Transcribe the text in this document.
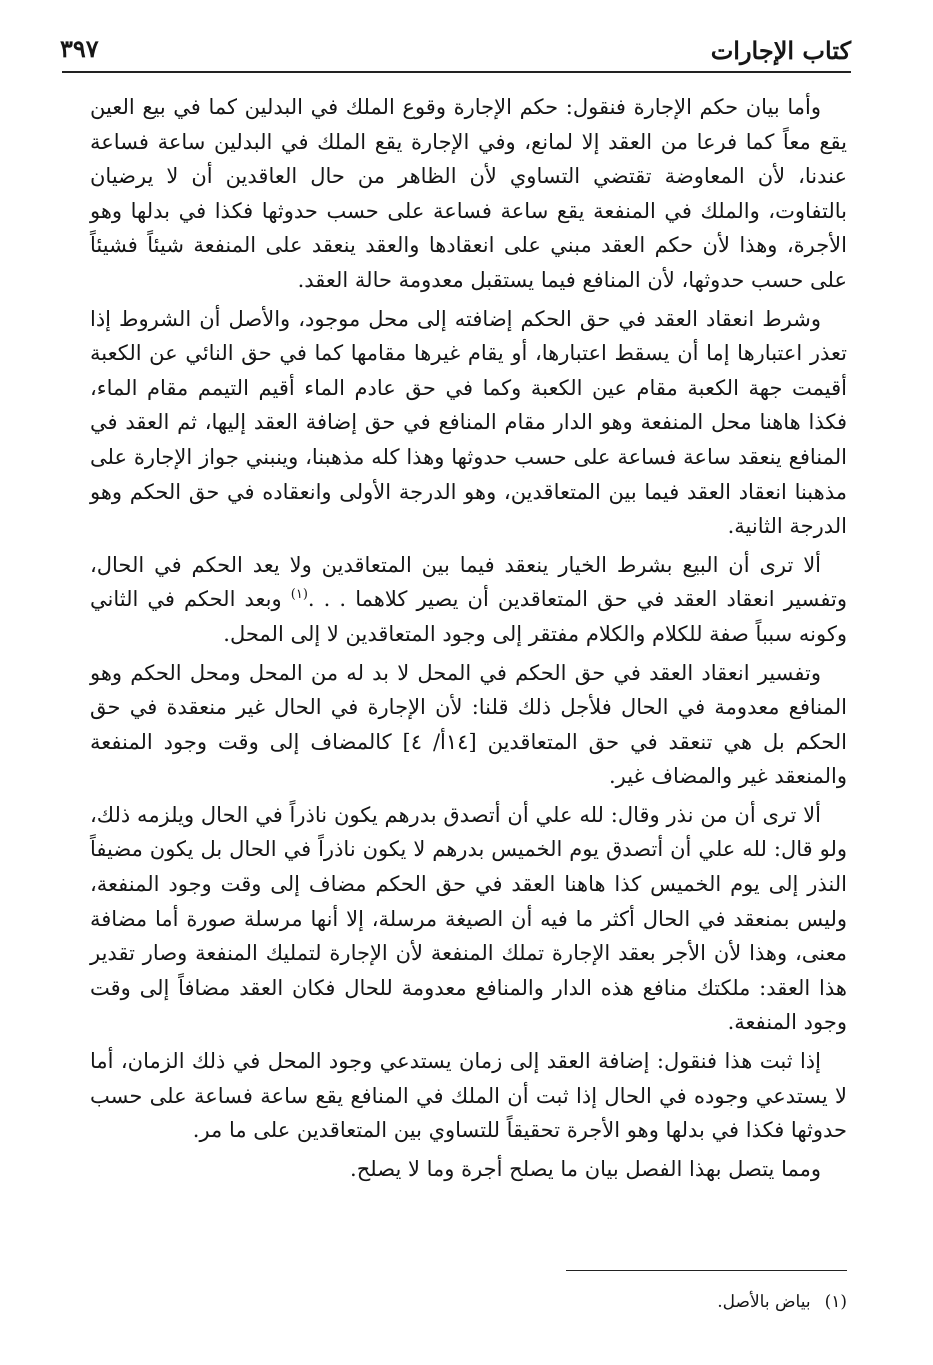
كتاب الإجارات
٣٩٧

وأما بيان حكم الإجارة فنقول: حكم الإجارة وقوع الملك في البدلين كما في بيع العين يقع معاً كما فرعا من العقد إلا لمانع، وفي الإجارة يقع الملك في البدلين ساعة فساعة عندنا، لأن المعاوضة تقتضي التساوي لأن الظاهر من حال العاقدين أن لا يرضيان بالتفاوت، والملك في المنفعة يقع ساعة فساعة على حسب حدوثها فكذا في بدلها وهو الأجرة، وهذا لأن حكم العقد مبني على انعقادها والعقد ينعقد على المنفعة شيئاً فشيئاً على حسب حدوثها، لأن المنافع فيما يستقبل معدومة حالة العقد.

وشرط انعقاد العقد في حق الحكم إضافته إلى محل موجود، والأصل أن الشروط إذا تعذر اعتبارها إما أن يسقط اعتبارها، أو يقام غيرها مقامها كما في حق النائي عن الكعبة أقيمت جهة الكعبة مقام عين الكعبة وكما في حق عادم الماء أقيم التيمم مقام الماء، فكذا هاهنا محل المنفعة وهو الدار مقام المنافع في حق إضافة العقد إليها، ثم العقد في المنافع ينعقد ساعة فساعة على حسب حدوثها وهذا كله مذهبنا، وينبني جواز الإجارة على مذهبنا انعقاد العقد فيما بين المتعاقدين، وهو الدرجة الأولى وانعقاده في حق الحكم وهو الدرجة الثانية.

ألا ترى أن البيع بشرط الخيار ينعقد فيما بين المتعاقدين ولا يعد الحكم في الحال، وتفسير انعقاد العقد في حق المتعاقدين أن يصير كلاهما . . .$^{(١)}$ وبعد الحكم في الثاني وكونه سبباً صفة للكلام والكلام مفتقر إلى وجود المتعاقدين لا إلى المحل.

وتفسير انعقاد العقد في حق الحكم في المحل لا بد له من المحل ومحل الحكم وهو المنافع معدومة في الحال فلأجل ذلك قلنا: لأن الإجارة في الحال غير منعقدة في حق الحكم بل هي تنعقد في حق المتعاقدين [١٤أ/ ٤] كالمضاف إلى وقت وجود المنفعة والمنعقد غير والمضاف غير.

ألا ترى أن من نذر وقال: لله علي أن أتصدق بدرهم يكون ناذراً في الحال ويلزمه ذلك، ولو قال: لله علي أن أتصدق يوم الخميس بدرهم لا يكون ناذراً في الحال بل يكون مضيفاً النذر إلى يوم الخميس كذا هاهنا العقد في حق الحكم مضاف إلى وقت وجود المنفعة، وليس بمنعقد في الحال أكثر ما فيه أن الصيغة مرسلة، إلا أنها مرسلة صورة أما مضافة معنى، وهذا لأن الأجر بعقد الإجارة تملك المنفعة لأن الإجارة لتمليك المنفعة وصار تقدير هذا العقد: ملكتك منافع هذه الدار والمنافع معدومة للحال فكان العقد مضافاً إلى وقت وجود المنفعة.

إذا ثبت هذا فنقول: إضافة العقد إلى زمان يستدعي وجود المحل في ذلك الزمان، أما لا يستدعي وجوده في الحال إذا ثبت أن الملك في المنافع يقع ساعة فساعة على حسب حدوثها فكذا في بدلها وهو الأجرة تحقيقاً للتساوي بين المتعاقدين على ما مر.

ومما يتصل بهذا الفصل بيان ما يصلح أجرة وما لا يصلح.

(١)بياض بالأصل.
